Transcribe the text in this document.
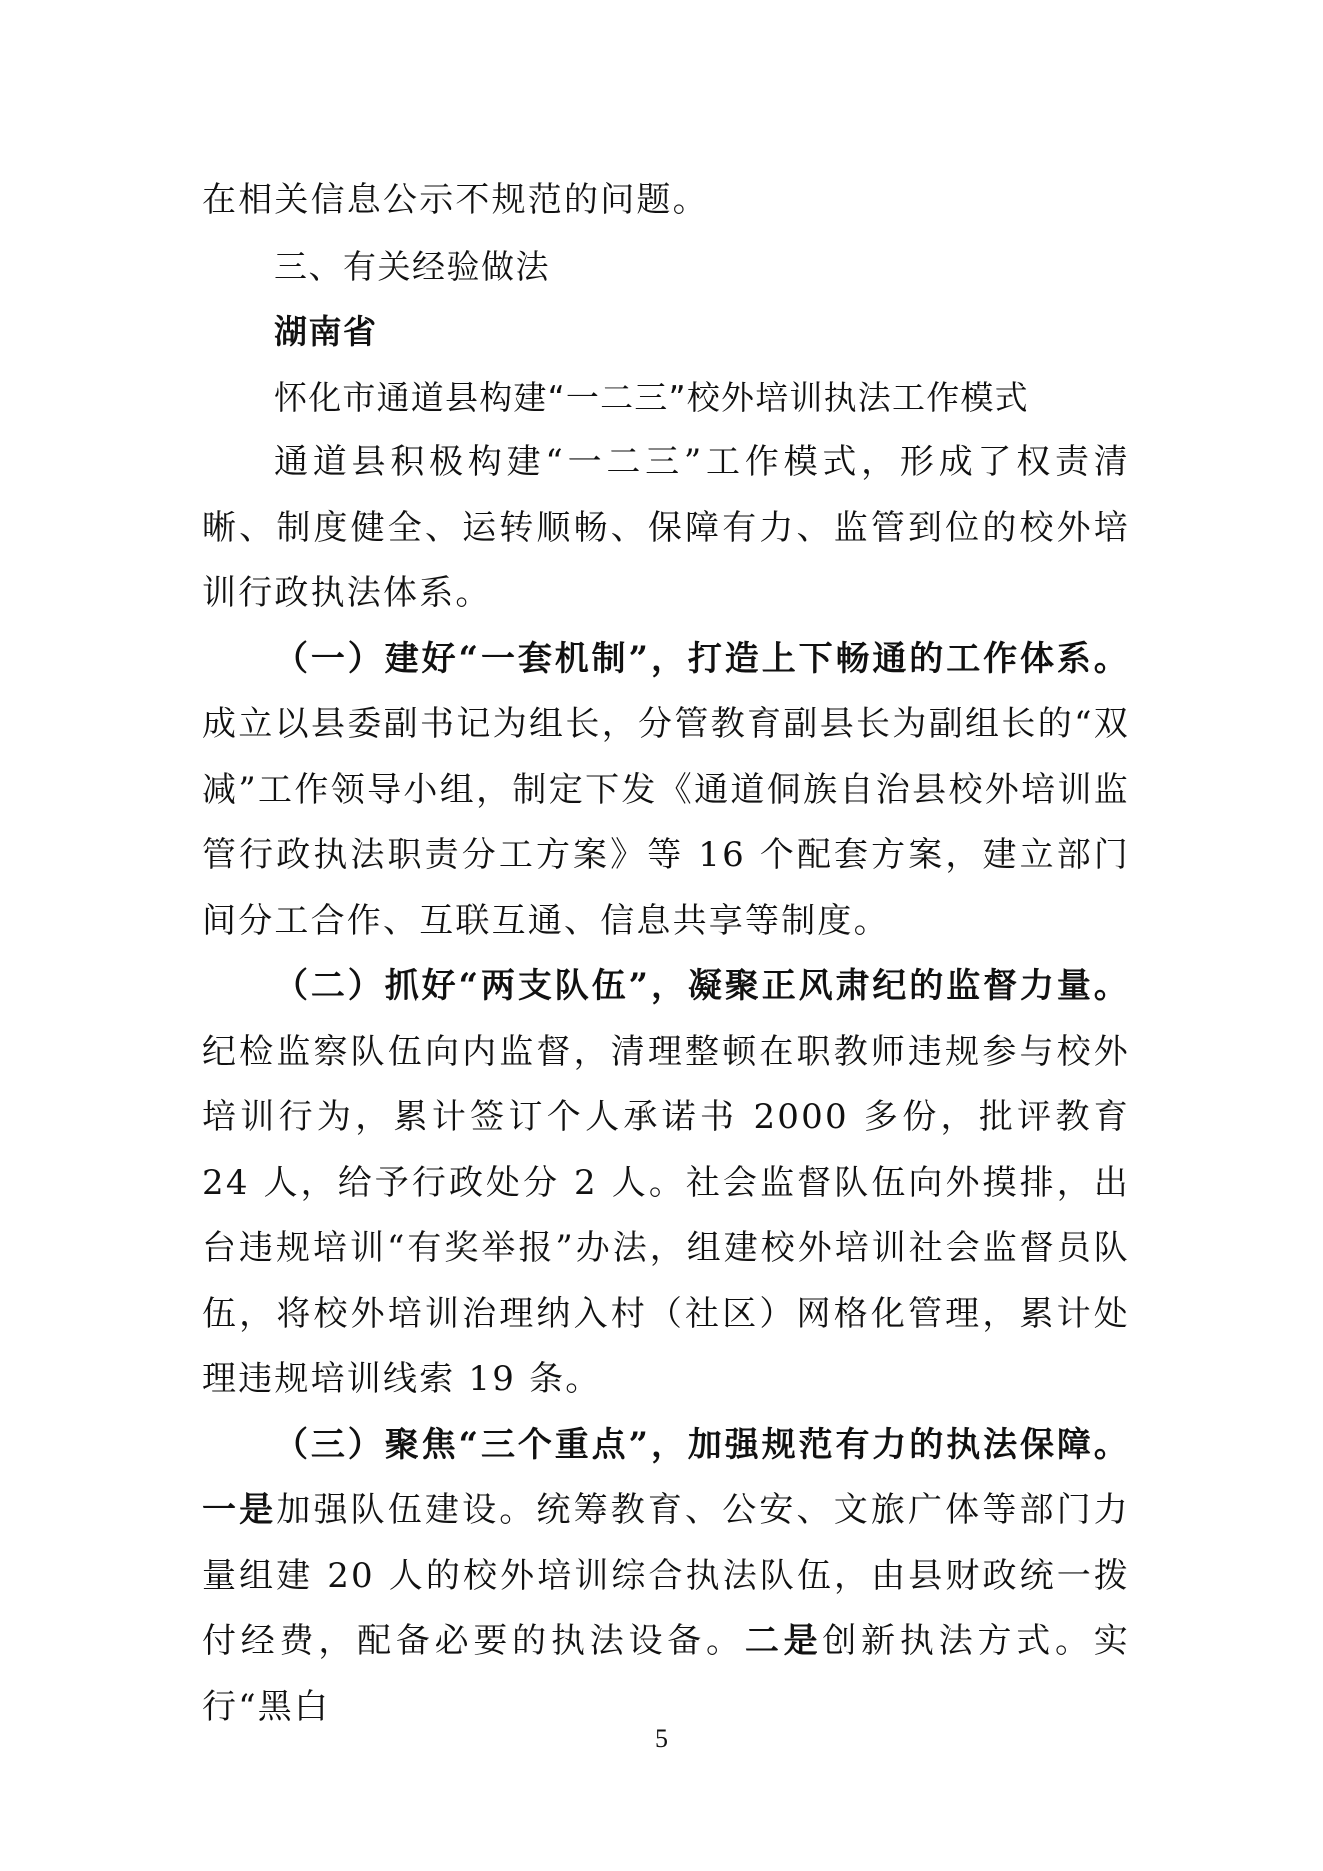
在相关信息公示不规范的问题。

三、有关经验做法

湖南省

怀化市通道县构建“一二三”校外培训执法工作模式

通道县积极构建“一二三”工作模式，形成了权责清晰、制度健全、运转顺畅、保障有力、监管到位的校外培训行政执法体系。

（一）建好“一套机制”，打造上下畅通的工作体系。成立以县委副书记为组长，分管教育副县长为副组长的“双减”工作领导小组，制定下发《通道侗族自治县校外培训监管行政执法职责分工方案》等 16 个配套方案，建立部门间分工合作、互联互通、信息共享等制度。

（二）抓好“两支队伍”，凝聚正风肃纪的监督力量。纪检监察队伍向内监督，清理整顿在职教师违规参与校外培训行为，累计签订个人承诺书 2000 多份，批评教育 24 人，给予行政处分 2 人。社会监督队伍向外摸排，出台违规培训“有奖举报”办法，组建校外培训社会监督员队伍，将校外培训治理纳入村（社区）网格化管理，累计处理违规培训线索 19 条。

（三）聚焦“三个重点”，加强规范有力的执法保障。一是加强队伍建设。统筹教育、公安、文旅广体等部门力量组建 20 人的校外培训综合执法队伍，由县财政统一拨付经费，配备必要的执法设备。二是创新执法方式。实行“黑白

5
